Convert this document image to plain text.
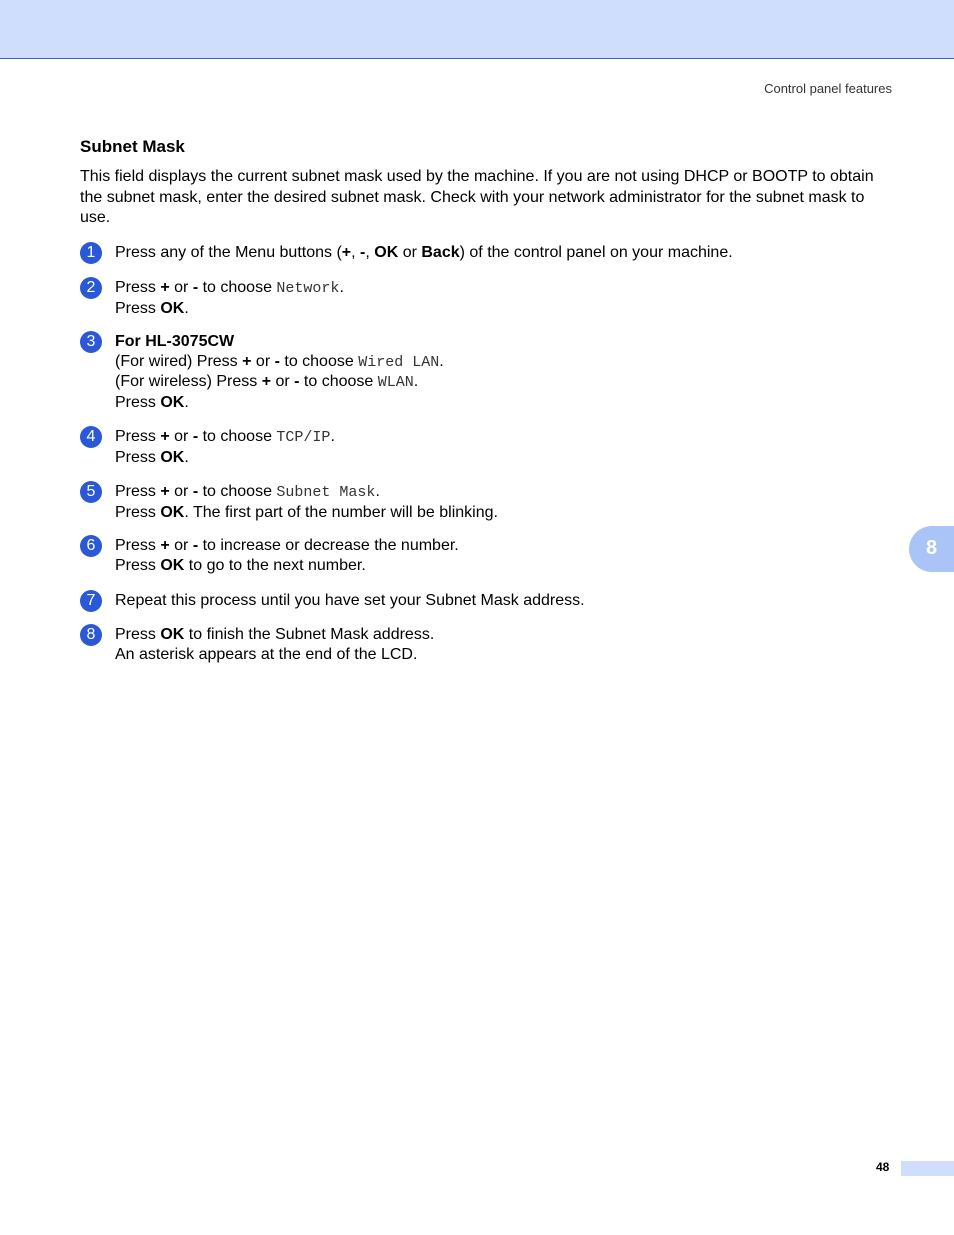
Control panel features
Subnet Mask

This field displays the current subnet mask used by the machine. If you are not using DHCP or BOOTP to obtain the subnet mask, enter the desired subnet mask. Check with your network administrator for the subnet mask to use.

1	Press any of the Menu buttons (+, -, OK or Back) of the control panel on your machine.
2	Press + or - to choose Network.
Press OK.
3	For HL-3075CW
(For wired) Press + or - to choose Wired LAN.
(For wireless) Press + or - to choose WLAN.
Press OK.
4	Press + or - to choose TCP/IP.
Press OK.
5	Press + or - to choose Subnet Mask.
Press OK. The first part of the number will be blinking.
6	Press + or - to increase or decrease the number.
Press OK to go to the next number.
7	Repeat this process until you have set your Subnet Mask address.
8	Press OK to finish the Subnet Mask address.
An asterisk appears at the end of the LCD.
8
48
